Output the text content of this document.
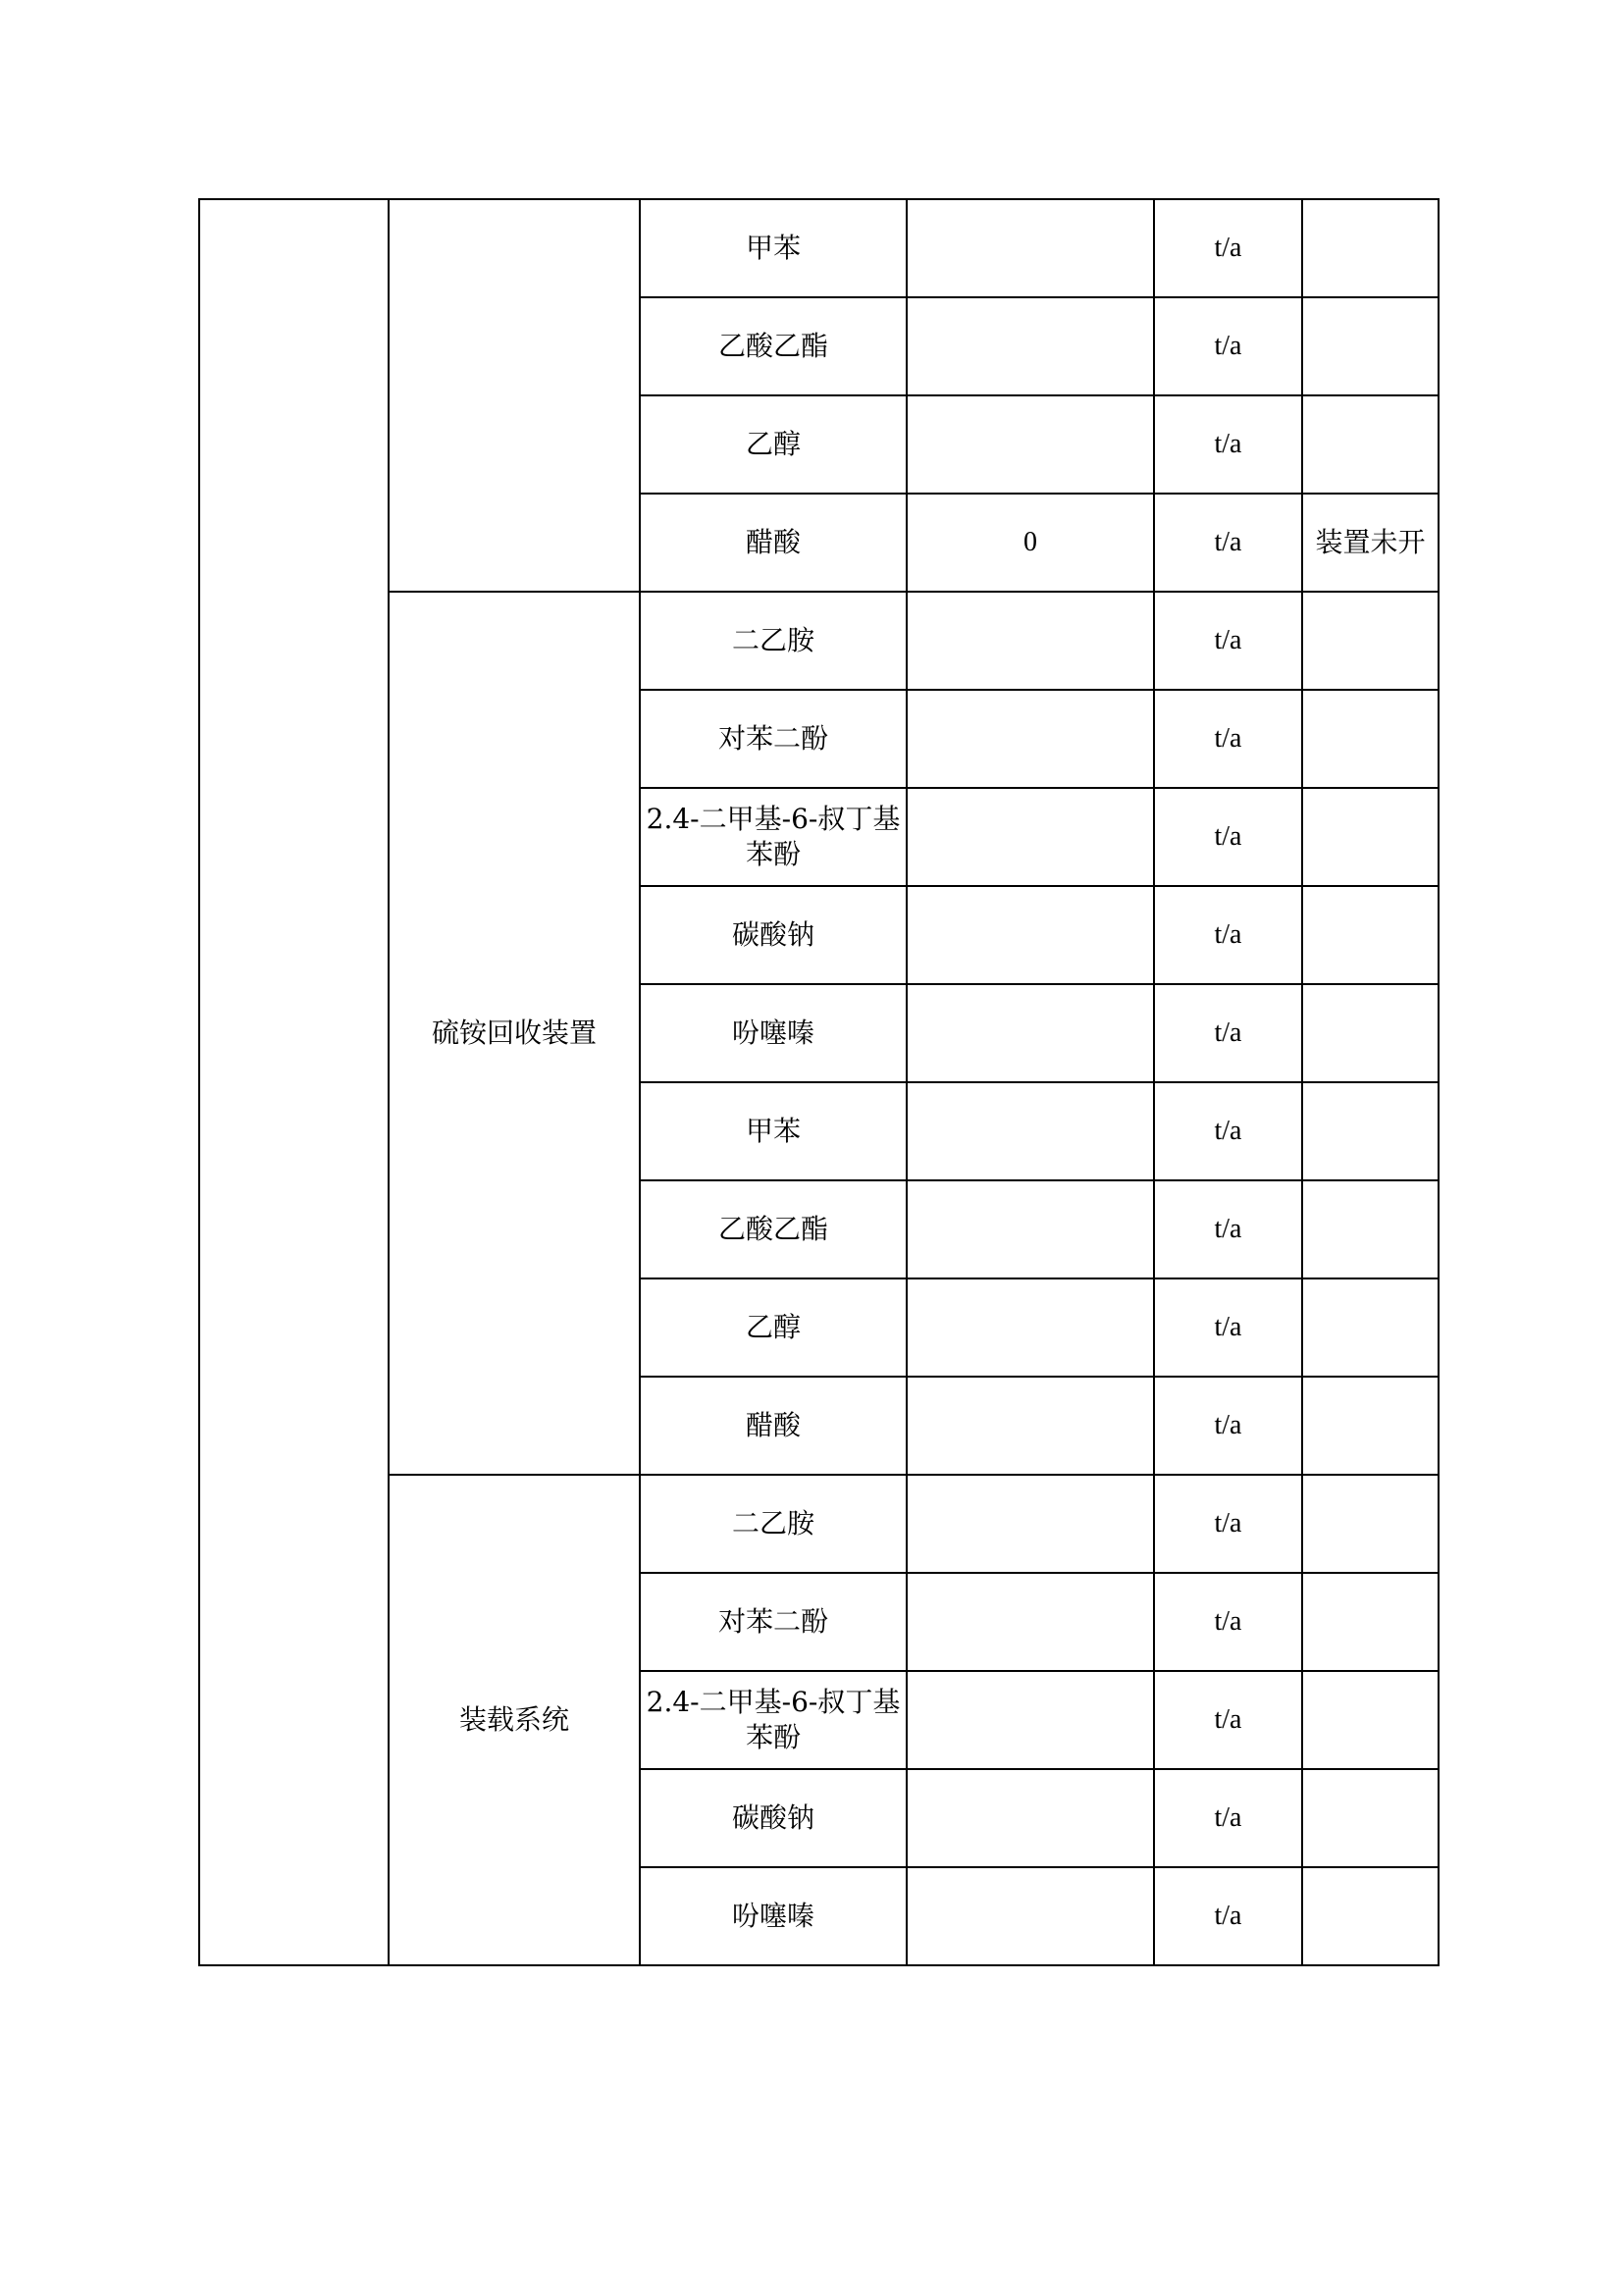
		甲苯		t/a	
		乙酸乙酯		t/a	
		乙醇		t/a	
		醋酸	0	t/a	装置未开
	硫铵回收装置	二乙胺		t/a	
		对苯二酚		t/a	
		2.4-二甲基-6-叔丁基苯酚		t/a	
		碳酸钠		t/a	
		吩噻嗪		t/a	
		甲苯		t/a	
		乙酸乙酯		t/a	
		乙醇		t/a	
		醋酸		t/a	
	装载系统	二乙胺		t/a	
		对苯二酚		t/a	
		2.4-二甲基-6-叔丁基苯酚		t/a	
		碳酸钠		t/a	
		吩噻嗪		t/a	
